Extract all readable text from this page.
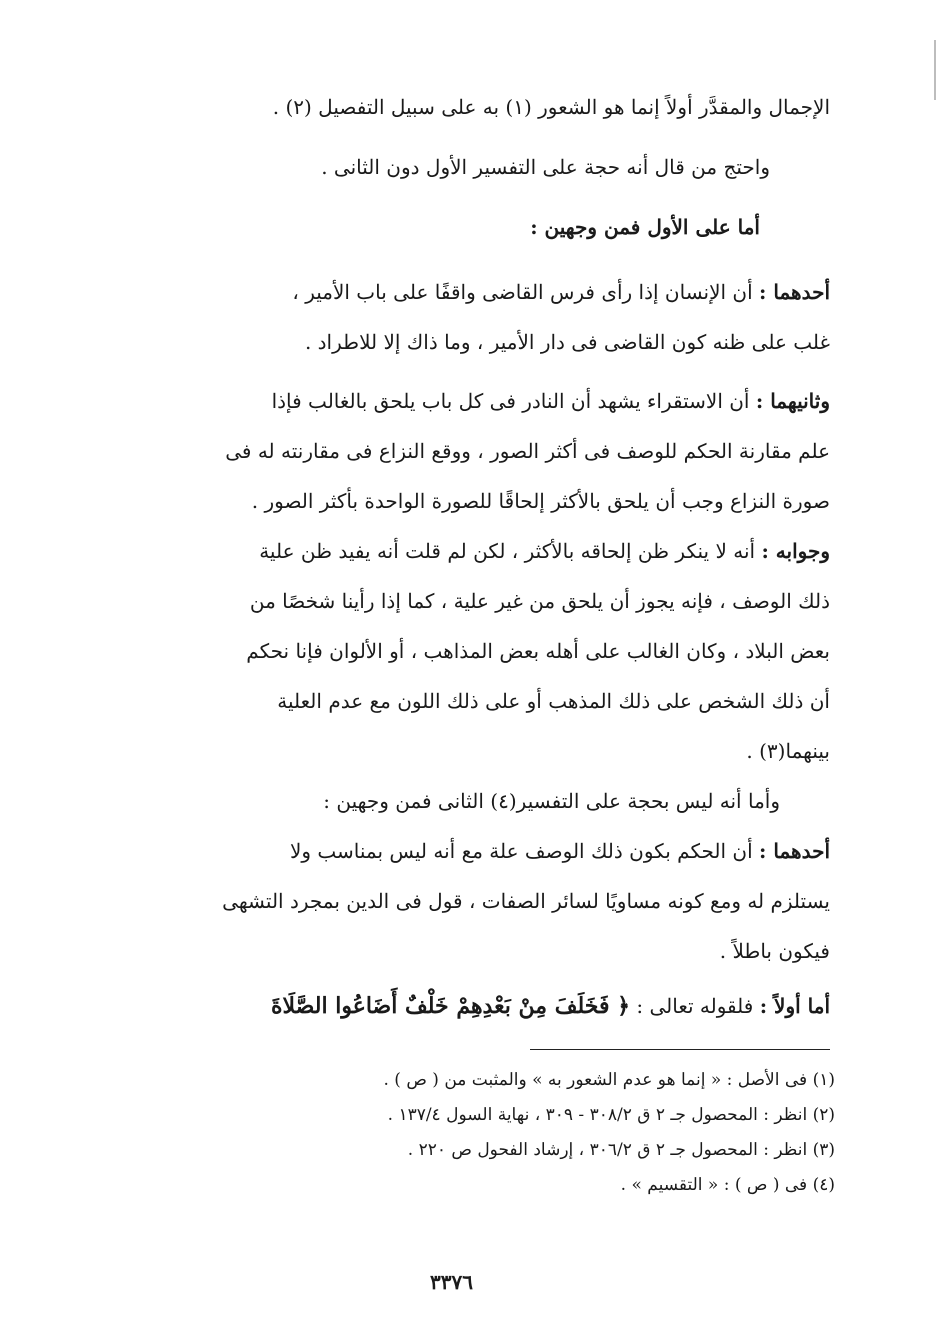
الإجمال والمقدَّر أولاً إنما هو الشعور (١) به على سبيل التفصيل (٢) .
واحتج من قال أنه حجة على التفسير الأول دون الثانى .
أما على الأول فمن وجهين :
أحدهما : أن الإنسان إذا رأى فرس القاضى واقفًا على باب الأمير ،
غلب على ظنه كون القاضى فى دار الأمير ، وما ذاك إلا للاطراد .
وثانيهما : أن الاستقراء يشهد أن النادر فى كل باب يلحق بالغالب فإذا
علم مقارنة الحكم للوصف فى أكثر الصور ، ووقع النزاع فى مقارنته له فى
صورة النزاع وجب أن يلحق بالأكثر إلحاقًا للصورة الواحدة بأكثر الصور .
وجوابه : أنه لا ينكر ظن إلحاقه بالأكثر ، لكن لم قلت أنه يفيد ظن علية
ذلك الوصف ، فإنه يجوز أن يلحق من غير علية ، كما إذا رأينا شخصًا من
بعض البلاد ، وكان الغالب على أهله بعض المذاهب ، أو الألوان فإنا نحكم
أن ذلك الشخص على ذلك المذهب أو على ذلك اللون مع عدم العلية
بينهما(٣) .
وأما أنه ليس بحجة على التفسير(٤) الثانى فمن وجهين :
أحدهما : أن الحكم بكون ذلك الوصف علة مع أنه ليس بمناسب ولا
يستلزم له ومع كونه مساويًا لسائر الصفات ، قول فى الدين بمجرد التشهى
فيكون باطلاً .
أما أولاً : فلقوله تعالى : ﴿ فَخَلَفَ مِنْ بَعْدِهِمْ خَلْفٌ أَضَاعُوا الصَّلَاةَ
(١) فى الأصل : « إنما هو عدم الشعور به » والمثبت من ( ص ) .
(٢) انظر : المحصول جـ ٢ ق ٣٠٨/٢ - ٣٠٩ ، نهاية السول ١٣٧/٤ .
(٣) انظر : المحصول جـ ٢ ق ٣٠٦/٢ ، إرشاد الفحول ص ٢٢٠ .
(٤) فى ( ص ) : « التقسيم » .
٣٣٧٦
